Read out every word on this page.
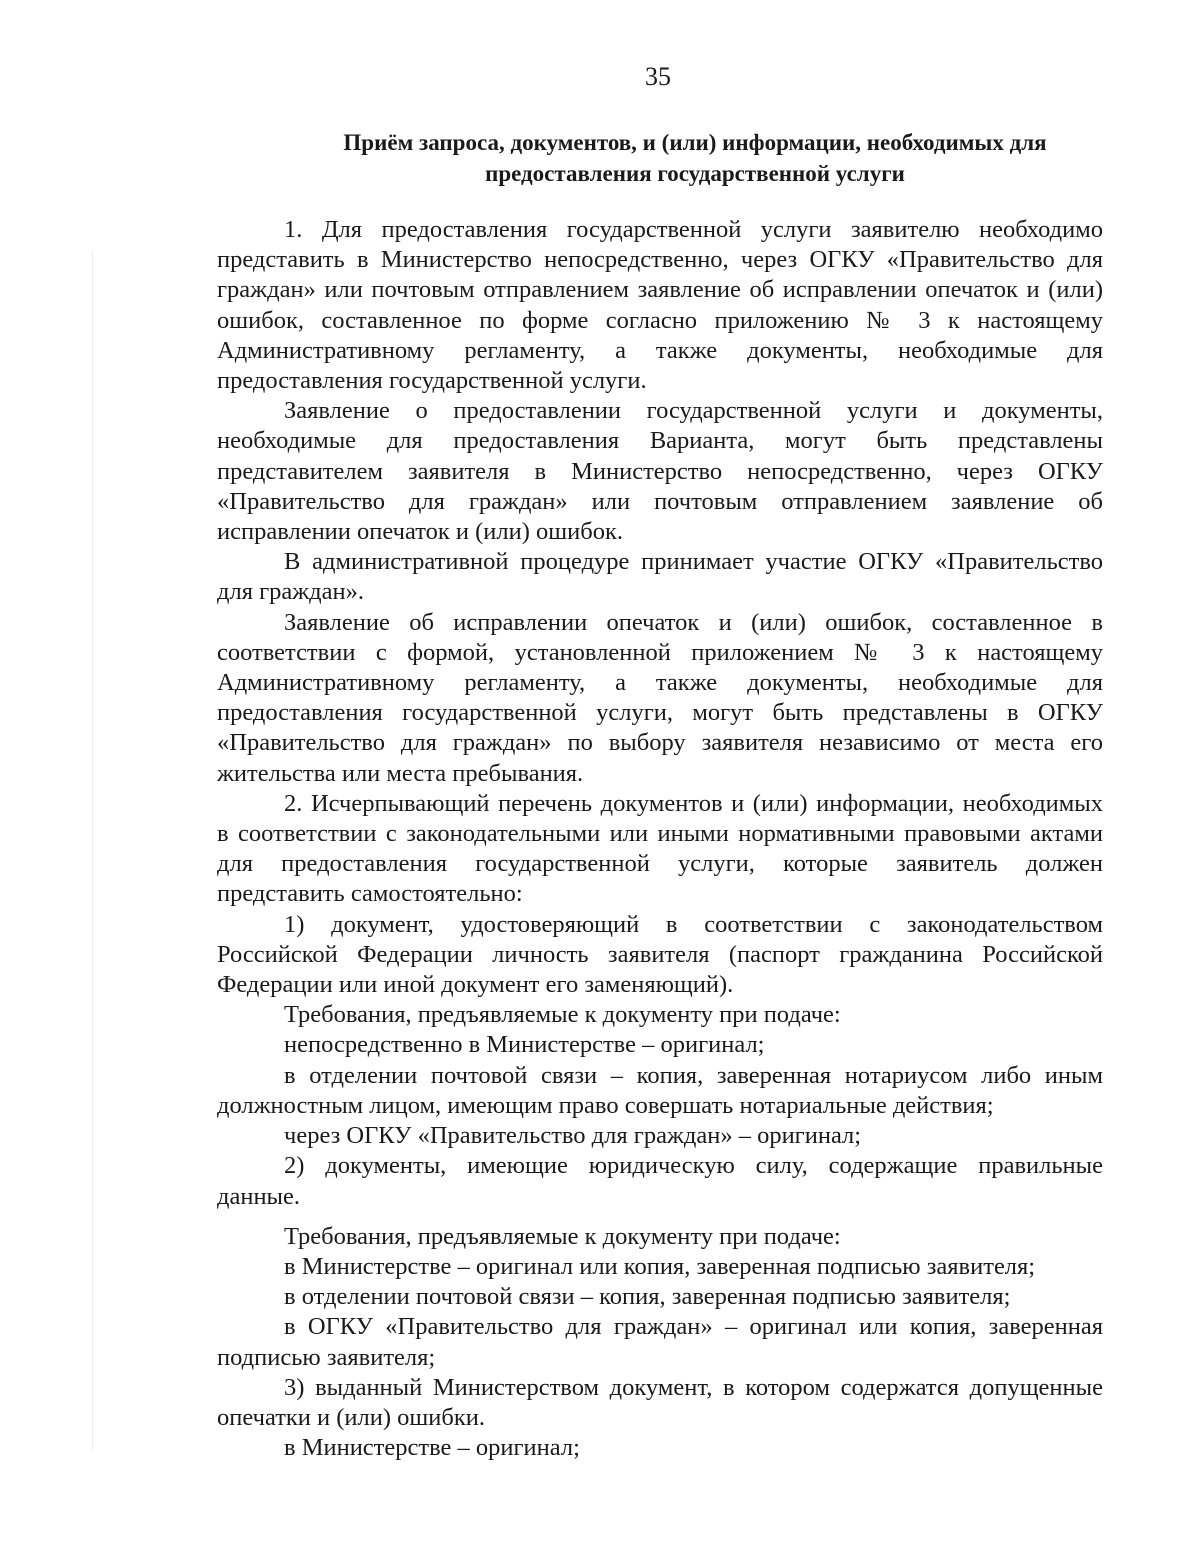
35
Приём запроса, документов, и (или) информации, необходимых для
предоставления государственной услуги

1. Для предоставления государственной услуги заявителю необходимо представить в Министерство непосредственно, через ОГКУ «Правительство для граждан» или почтовым отправлением заявление об исправлении опечаток и (или) ошибок, составленное по форме согласно приложению № 3 к настоящему Административному регламенту, а также документы, необходимые для предоставления государственной услуги.

Заявление о предоставлении государственной услуги и документы, необходимые для предоставления Варианта, могут быть представлены представителем заявителя в Министерство непосредственно, через ОГКУ «Правительство для граждан» или почтовым отправлением заявление об исправлении опечаток и (или) ошибок.

В административной процедуре принимает участие ОГКУ «Правительство для граждан».

Заявление об исправлении опечаток и (или) ошибок, составленное в соответствии с формой, установленной приложением № 3 к настоящему Административному регламенту, а также документы, необходимые для предоставления государственной услуги, могут быть представлены в ОГКУ «Правительство для граждан» по выбору заявителя независимо от места его жительства или места пребывания.

2. Исчерпывающий перечень документов и (или) информации, необходимых в соответствии с законодательными или иными нормативными правовыми актами для предоставления государственной услуги, которые заявитель должен представить самостоятельно:

1) документ, удостоверяющий в соответствии с законодательством Российской Федерации личность заявителя (паспорт гражданина Российской Федерации или иной документ его заменяющий).

Требования, предъявляемые к документу при подаче:

непосредственно в Министерстве – оригинал;

в отделении почтовой связи – копия, заверенная нотариусом либо иным должностным лицом, имеющим право совершать нотариальные действия;

через ОГКУ «Правительство для граждан» – оригинал;

2) документы, имеющие юридическую силу, содержащие правильные данные.

Требования, предъявляемые к документу при подаче:

в Министерстве – оригинал или копия, заверенная подписью заявителя;

в отделении почтовой связи – копия, заверенная подписью заявителя;

в ОГКУ «Правительство для граждан» – оригинал или копия, заверенная подписью заявителя;

3) выданный Министерством документ, в котором содержатся допущенные опечатки и (или) ошибки.

в Министерстве – оригинал;
